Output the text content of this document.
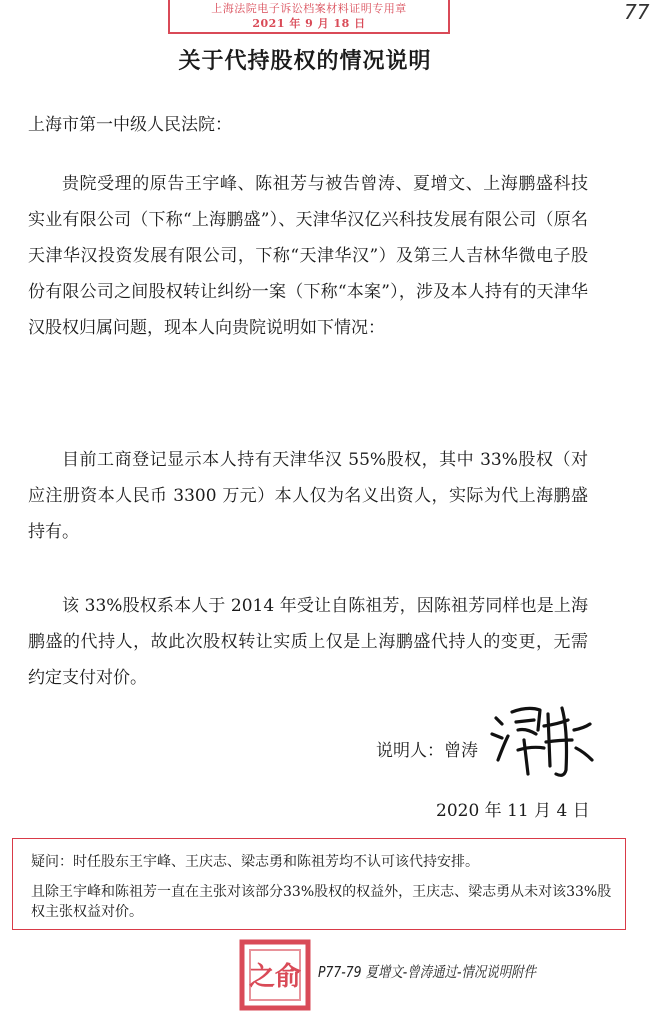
上海法院电子诉讼档案材料证明专用章
2021 年 9 月 18 日	77
关于代持股权的情况说明
上海市第一中级人民法院：

贵院受理的原告王宇峰、陈祖芳与被告曾涛、夏增文、上海鹏盛科技实业有限公司（下称“上海鹏盛”）、天津华汉亿兴科技发展有限公司（原名天津华汉投资发展有限公司，下称“天津华汉”）及第三人吉林华微电子股份有限公司之间股权转让纠纷一案（下称“本案”），涉及本人持有的天津华汉股权归属问题，现本人向贵院说明如下情况：

目前工商登记显示本人持有天津华汉 55%股权，其中 33%股权（对应注册资本人民币 3300 万元）本人仅为名义出资人，实际为代上海鹏盛持有。

该 33%股权系本人于 2014 年受让自陈祖芳，因陈祖芳同样也是上海鹏盛的代持人，故此次股权转让实质上仅是上海鹏盛代持人的变更，无需约定支付对价。

说明人：曾涛
2020 年 11 月 4 日

疑问：时任股东王宇峰、王庆志、梁志勇和陈祖芳均不认可该代持安排。

且除王宇峰和陈祖芳一直在主张对该部分33%股权的权益外，王庆志、梁志勇从未对该33%股权主张权益对价。

之俞 P77-79 夏增文-曾涛通过-情况说明附件
